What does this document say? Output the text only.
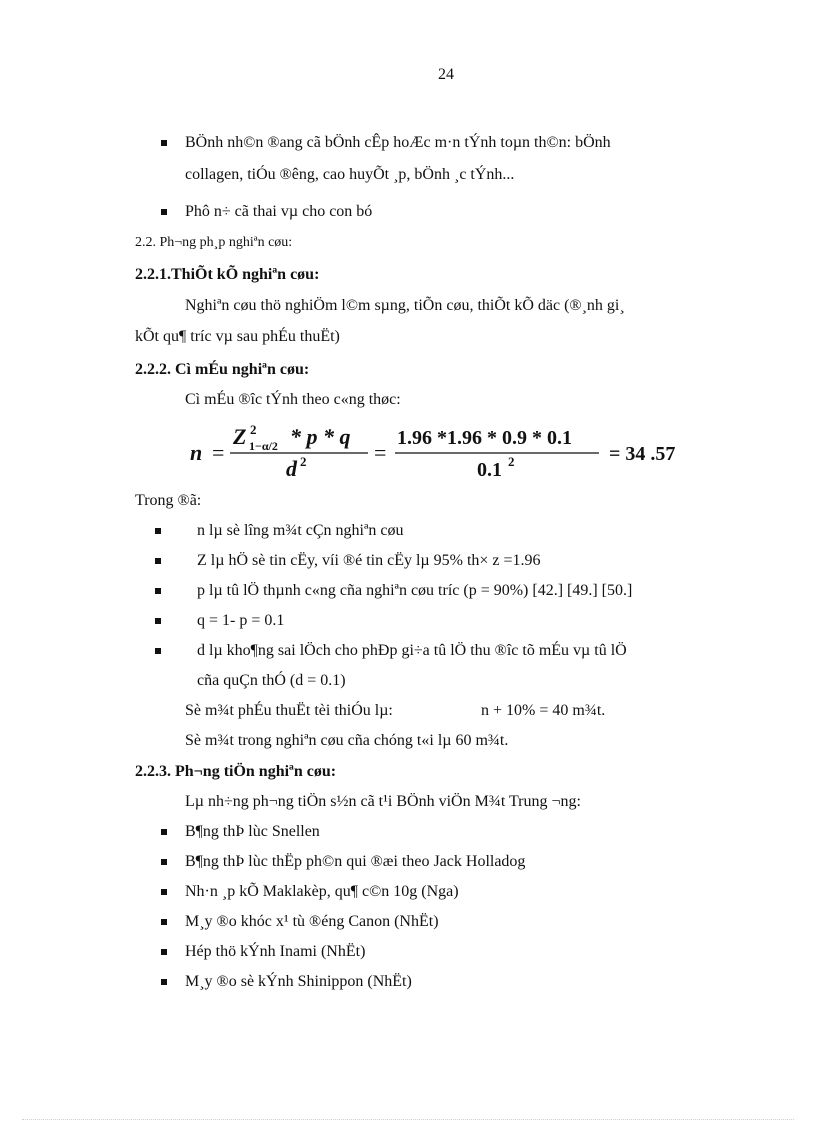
24
BÖnh nh©n ®ang cã bÖnh cÊp hoÆc m·n tÝnh toµn th©n: bÖnh
collagen, tiÓu ®êng, cao huyÕt ¸p, bÖnh ¸c tÝnh...
Phô n÷ cã thai vµ cho con bó
2.2. Ph¬ng ph¸p nghiªn cøu:
2.2.1.ThiÕt kÕ nghiªn cøu:
Nghiªn cøu thö nghiÖm l©m sµng, tiÕn cøu, thiÕt kÕ däc (®¸nh gi¸
kÕt qu¶ tríc vµ sau phÉu thuËt)
2.2.2. Cì mÉu nghiªn cøu:
Cì mÉu ®îc tÝnh theo c«ng thøc:
n =
Z 2
1−α/2 * p * q
d 2	=
1.96 *1.96 * 0.9 * 0.1
0.1 2	= 34 .57
Trong ®ã:
n lµ sè lîng m¾t cÇn nghiªn cøu
Z lµ hÖ sè tin cËy, víi ®é tin cËy lµ 95% th× z =1.96
p lµ tû lÖ thµnh c«ng cña nghiªn cøu tríc (p = 90%) [42.] [49.] [50.]
q = 1- p = 0.1
d lµ kho¶ng sai lÖch cho phÐp gi÷a tû lÖ thu ®îc tõ mÉu vµ tû lÖ
cña quÇn thÓ (d = 0.1)
Sè m¾t phÉu thuËt tèi thiÓu lµ:	n + 10% = 40 m¾t.
Sè m¾t trong nghiªn cøu cña chóng t«i lµ 60 m¾t.
2.2.3. Ph¬ng tiÖn nghiªn cøu:
Lµ nh÷ng ph¬ng tiÖn s½n cã t¹i BÖnh viÖn M¾t Trung ¬ng:
B¶ng thÞ lùc Snellen
B¶ng thÞ lùc thËp ph©n qui ®æi theo Jack Holladog
Nh·n ¸p kÕ Maklakèp, qu¶ c©n 10g (Nga)
M¸y ®o khóc x¹ tù ®éng Canon (NhËt)
Hép thö kÝnh Inami (NhËt)
M¸y ®o sè kÝnh Shinippon (NhËt)
